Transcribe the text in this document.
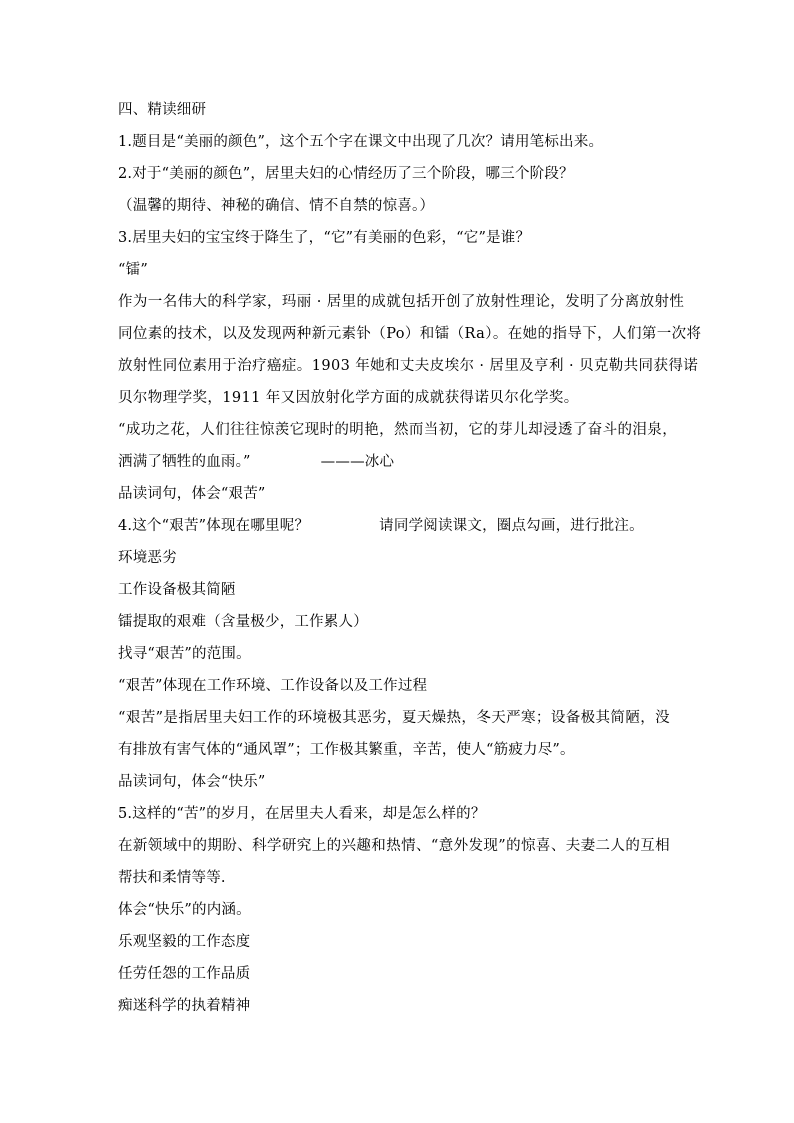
四、精读细研
1.题目是“美丽的颜色”，这个五个字在课文中出现了几次？请用笔标出来。
2.对于“美丽的颜色”，居里夫妇的心情经历了三个阶段，哪三个阶段？
（温馨的期待、神秘的确信、情不自禁的惊喜。）
3.居里夫妇的宝宝终于降生了，“它”有美丽的色彩，“它”是谁？
“镭”
作为一名伟大的科学家，玛丽 · 居里的成就包括开创了放射性理论，发明了分离放射性
同位素的技术，以及发现两种新元素钋（Po）和镭（Ra）。在她的指导下，人们第一次将
放射性同位素用于治疗癌症。1903 年她和丈夫皮埃尔 · 居里及亨利 · 贝克勒共同获得诺
贝尔物理学奖，1911 年又因放射化学方面的成就获得诺贝尔化学奖。
“成功之花，人们往往惊羡它现时的明艳，然而当初，它的芽儿却浸透了奋斗的泪泉，
洒满了牺牲的血雨。”	———冰心
品读词句，体会“艰苦”
4.这个“艰苦”体现在哪里呢？	请同学阅读课文，圈点勾画，进行批注。
环境恶劣
工作设备极其简陋
镭提取的艰难（含量极少，工作累人）
找寻“艰苦”的范围。
“艰苦”体现在工作环境、工作设备以及工作过程
“艰苦”是指居里夫妇工作的环境极其恶劣，夏天燥热，冬天严寒；设备极其简陋，没
有排放有害气体的“通风罩”；工作极其繁重，辛苦，使人“筋疲力尽”。
品读词句，体会“快乐”
5.这样的“苦”的岁月，在居里夫人看来，却是怎么样的？
在新领域中的期盼、科学研究上的兴趣和热情、“意外发现”的惊喜、夫妻二人的互相
帮扶和柔情等等.
体会“快乐”的内涵。
乐观坚毅的工作态度
任劳任怨的工作品质
痴迷科学的执着精神
